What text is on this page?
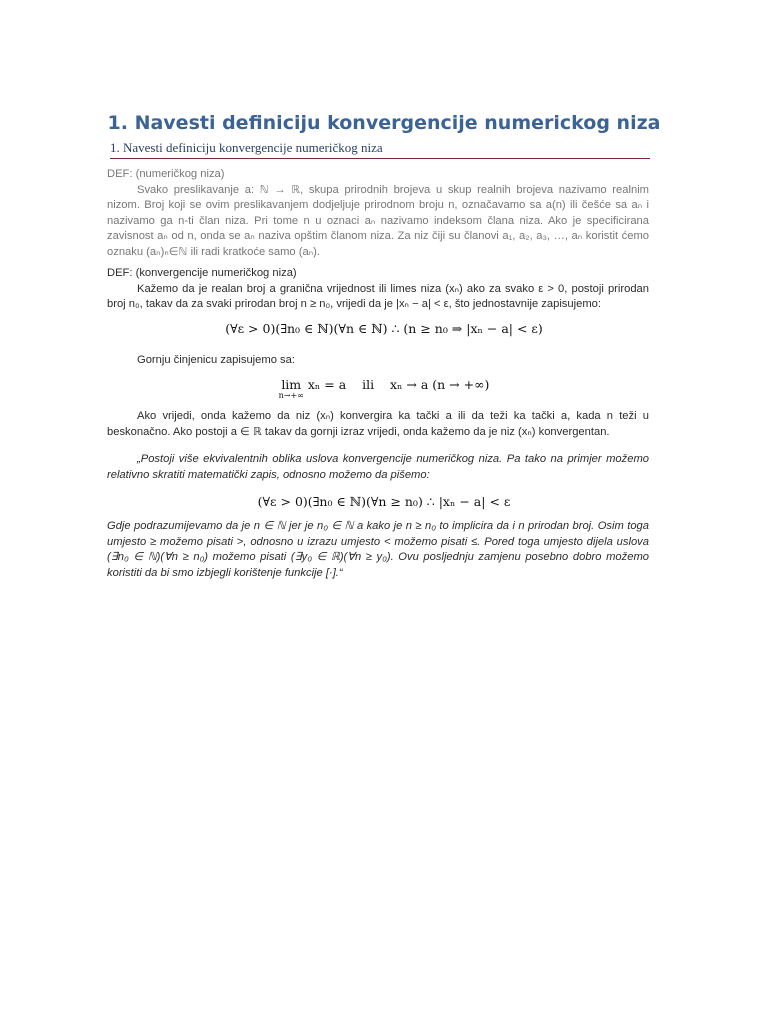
1. Navesti definiciju konvergencije numerickog niza
1. Navesti definiciju konvergencije numeričkog niza
DEF: (numeričkog niza)

Svako preslikavanje a: ℕ → ℝ, skupa prirodnih brojeva u skup realnih brojeva nazivamo realnim nizom. Broj koji se ovim preslikavanjem dodjeljuje prirodnom broju n, označavamo sa a(n) ili češće sa aₙ i nazivamo ga n-ti član niza. Pri tome n u oznaci aₙ nazivamo indeksom člana niza. Ako je specificirana zavisnost aₙ od n, onda se aₙ naziva opštim članom niza. Za niz čiji su članovi a₁, a₂, a₃, …, aₙ koristit ćemo oznaku (aₙ)ₙ∈ℕ ili radi kratkoće samo (aₙ).

DEF: (konvergencije numeričkog niza)

Kažemo da je realan broj a granična vrijednost ili limes niza (xₙ) ako za svako ε > 0, postoji prirodan broj n₀, takav da za svaki prirodan broj n ≥ n₀, vrijedi da je |xₙ − a| < ε, što jednostavnije zapisujemo:

(∀ε > 0)(∃n₀ ∈ ℕ)(∀n ∈ ℕ) ∴ (n ≥ n₀ ⇒ |xₙ − a| < ε)
Gornju činjenicu zapisujemo sa:
lim
n→+∞
xₙ = a    ili    xₙ → a (n → +∞)

Ako vrijedi, onda kažemo da niz (xₙ) konvergira ka tački a ili da teži ka tački a, kada n teži u beskonačno. Ako postoji a ∈ ℝ takav da gornji izraz vrijedi, onda kažemo da je niz (xₙ) konvergentan.

„Postoji više ekvivalentnih oblika uslova konvergencije numeričkog niza. Pa tako na primjer možemo relativno skratiti matematički zapis, odnosno možemo da pišemo:

(∀ε > 0)(∃n₀ ∈ ℕ)(∀n ≥ n₀) ∴ |xₙ − a| < ε

Gdje podrazumijevamo da je n ∈ ℕ jer je n₀ ∈ ℕ a kako je n ≥ n₀ to implicira da i n prirodan broj. Osim toga umjesto ≥ možemo pisati >, odnosno u izrazu umjesto < možemo pisati ≤. Pored toga umjesto dijela uslova (∃n₀ ∈ ℕ)(∀n ≥ n₀) možemo pisati (∃y₀ ∈ ℝ)(∀n ≥ y₀). Ovu posljednju zamjenu posebno dobro možemo koristiti da bi smo izbjegli korištenje funkcije [·].“
